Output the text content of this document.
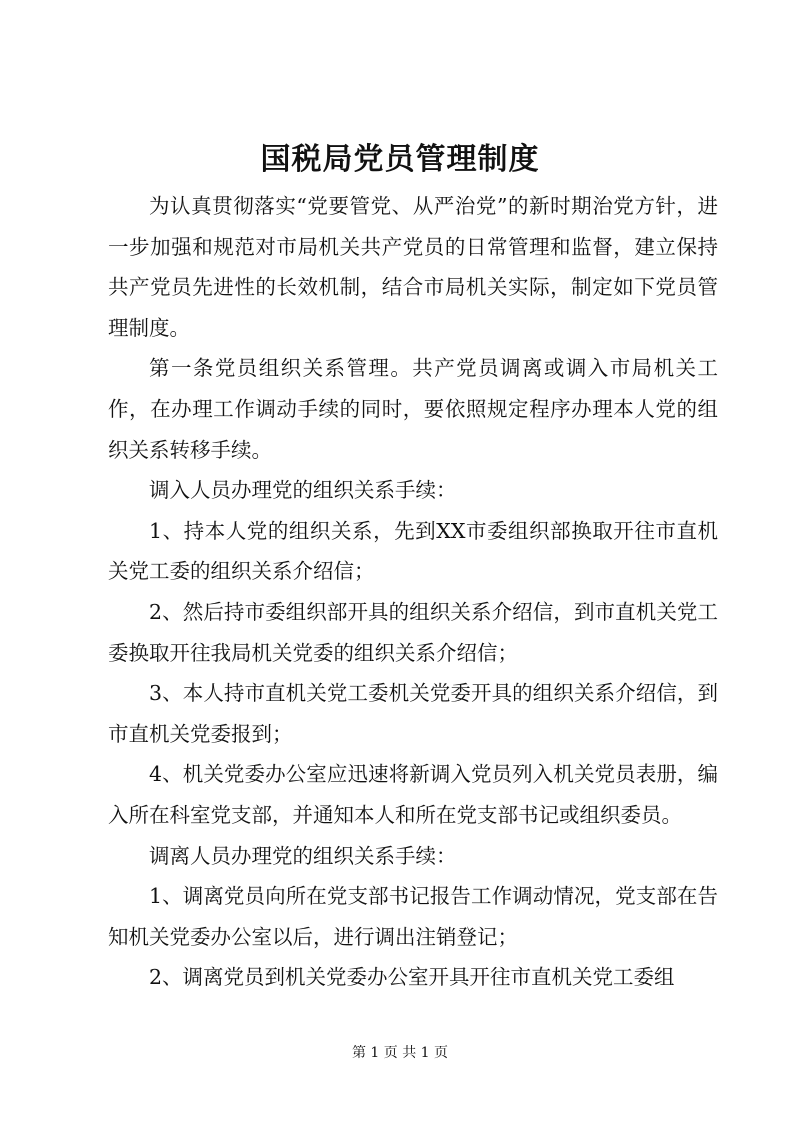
国税局党员管理制度

为认真贯彻落实“党要管党、从严治党”的新时期治党方针，进一步加强和规范对市局机关共产党员的日常管理和监督，建立保持共产党员先进性的长效机制，结合市局机关实际，制定如下党员管理制度。

第一条党员组织关系管理。共产党员调离或调入市局机关工作，在办理工作调动手续的同时，要依照规定程序办理本人党的组织关系转移手续。

调入人员办理党的组织关系手续：

1、持本人党的组织关系，先到XX市委组织部换取开往市直机关党工委的组织关系介绍信；

2、然后持市委组织部开具的组织关系介绍信，到市直机关党工委换取开往我局机关党委的组织关系介绍信；

3、本人持市直机关党工委机关党委开具的组织关系介绍信，到市直机关党委报到；

4、机关党委办公室应迅速将新调入党员列入机关党员表册，编入所在科室党支部，并通知本人和所在党支部书记或组织委员。

调离人员办理党的组织关系手续：

1、调离党员向所在党支部书记报告工作调动情况，党支部在告知机关党委办公室以后，进行调出注销登记；

2、调离党员到机关党委办公室开具开往市直机关党工委组

第 1 页 共 1 页
